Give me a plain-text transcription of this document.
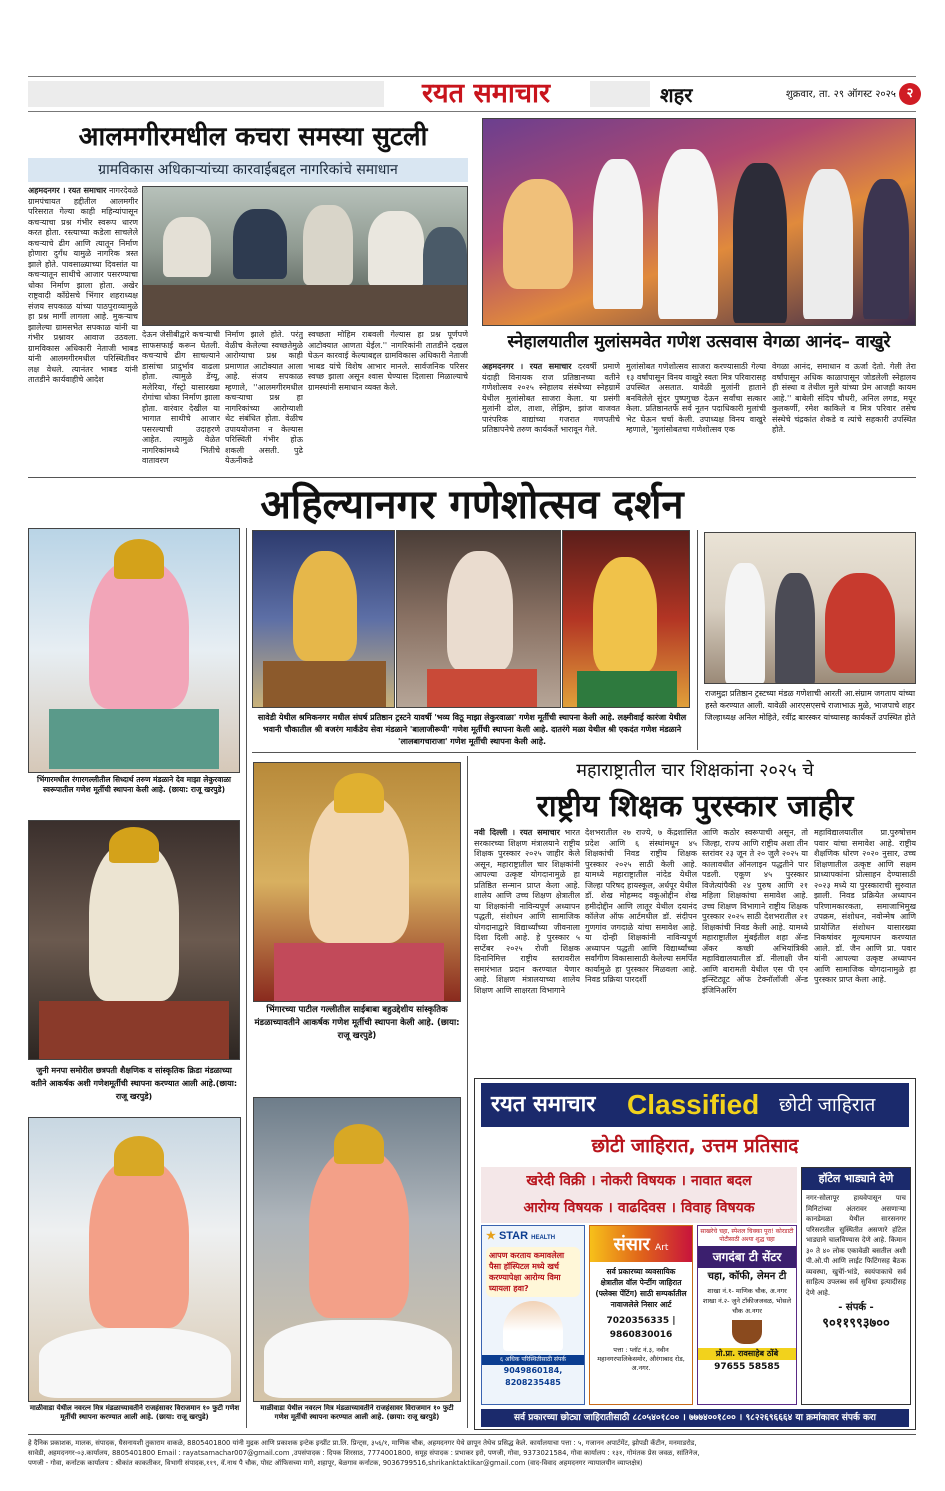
रयत समाचार	शहर	शुक्रवार, ता. २९ ऑगस्ट २०२५ २
आलमगीरमधील कचरा समस्या सुटली
ग्रामविकास अधिकाऱ्यांच्या कारवाईबद्दल नागरिकांचे समाधान
अहमदनगर । रयत समाचार नागरदेवळे ग्रामपंचायत हद्दीतील आलमगीर परिसरात गेल्या काही महिन्यांपासून कचऱ्याचा प्रश्न गंभीर स्वरूप धारण करत होता. रस्त्याच्या कडेला साचलेले कचऱ्याचे ढीग आणि त्यातून निर्माण होणारा दुर्गंध यामुळे नागरिक त्रस्त झाले होते. पावसाळ्याच्या दिवसांत या कचऱ्यातून साथीचे आजार पसरण्याचा धोका निर्माण झाला होता. अखेर राष्ट्रवादी काँग्रेसचे भिंगार शहराध्यक्ष संजय सपकाळ यांच्या पाठपुराव्यामुळे हा प्रश्न मार्गी लागला आहे. मुकऱ्याच झालेल्या ग्रामसभेत सपकाळ यांनी या गंभीर प्रश्नावर आवाज उठवला. ग्रामविकास अधिकारी नेताजी भाबड यांनी आलमगीरमधील परिस्थितीवर लक्ष वेधले. त्यानंतर भाबड यांनी तातडीने कार्यवाहीचे आदेश
देऊन जेसीबीद्वारे कचऱ्याची साफसफाई करून घेतली. कचऱ्याचे ढीग साचल्याने डासांचा प्रादुर्भाव वाढला होता. त्यामुळे डेंग्यू, मलेरिया, गॅस्ट्रो यासारख्या रोगांचा धोका निर्माण झाला होता. वारंवार देखील या भागात साथीचे आजार पसरल्याची उदाहरणे आहेत. त्यामुळे वेळेत नागरिकांमध्ये भितीचे वातावरण
निर्माण झाले होते. परंतु वेळीच केलेल्या स्वच्छतेमुळे आरोग्याचा प्रश्न काही प्रमाणात आटोक्यात आला आहे. संजय सपकाळ म्हणाले, ''आलमगीरमधील कचऱ्याचा प्रश्न हा नागरिकांच्या आरोग्याशी थेट संबंधित होता. वेळीच उपाययोजना न केल्यास परिस्थिती गंभीर होऊ शकली असती. पुढे येऊनीकडे
स्वच्छता मोहिम राबवली गेल्यास हा प्रश्न पूर्णपणे आटोक्यात आणता येईल.'' नागरिकांनी तातडीने दखल घेऊन कारवाई केल्याबद्दल ग्रामविकास अधिकारी नेताजी भाबड यांचे विशेष आभार मानले. सार्वजनिक परिसर स्वच्छ झाला असून श्वास घेण्यास दिलासा मिळाल्याचे ग्रामस्थांनी समाधान व्यक्त केले.
स्नेहालयातील मुलांसमवेत गणेश उत्सवास वेगळा आनंद– वाखुरे
अहमदनगर । रयत समाचार दरवर्षी प्रमाणे यंदाही विनायक राज प्रतिष्ठानच्या वतीने गणेशोत्सव २०२५ स्नेहालय संस्थेच्या स्नेहग्रामें येथील मुलांसोबत साजरा केला. या प्रसंगी मुलांनी ढोल, ताशा, लेझिम, झांज वाजवत पारंपरिक वाद्यांच्या गजरात गणपतीचे प्रतिष्ठापनेचे तरुण कार्यकर्ते भारावून गेले.
मुलांसोबत गणेशोत्सव साजरा करण्यासाठी गेल्या १३ वर्षांपासून विनय वाखुरे स्वतः मित्र परिवारासह उपस्थित असतात. यावेळी मुलांनी हाताने बनविलेले सुंदर पुष्पगुच्छ देऊन सर्वांचा सत्कार केला. प्रतिष्ठानतर्फे सर्व नूतन पदाधिकारी मुलांची भेट घेऊन चर्चा केली. उपाध्यक्ष विनय वाखुरे म्हणाले, 'मुलांसोबतचा गणेशोत्सव एक
वेगळा आनंद, समाधान व ऊर्जा देतो. गेली तेरा वर्षांपासून अधिक काळापासून जोडलेली स्नेहालय ही संस्था व तेथील मुले यांच्या प्रेम आजही कायम आहे.'' बाबेली संदिप चौधरी, अनिल लगड, मयूर कुलकर्णी, रमेश काकिले व मित्र परिवार तसेच संस्थेचे चंद्रकांत शेकडे व त्यांचे सहकारी उपस्थित होते.
अहिल्यानगर गणेशोत्सव दर्शन
भिंगारमधील रंगारगल्लीतील सिध्दार्थ तरुण मंडळाने देव माझा लेकुरवाळा स्वरूपातील गणेश मूर्तीची स्थापना केली आहे. (छाया: राजू खरपुडे)
सावेडी येथील श्रमिकनगर मधील संघर्ष प्रतिष्ठान ट्रस्टने यावर्षी 'भव्य विठू माझा लेकुरवाळा' गणेश मूर्तीची स्थापना केली आहे. लक्ष्मीवाई कारंजा येथील भवानी चौकातील श्री बजरंग मार्कंडेय सेवा मंडळाने 'बालाजीरूपी' गणेश मूर्तीची स्थापना केली आहे. दातरंगे मळा येथील श्री एकदंत गणेश मंडळाने 'लालबागचाराजा' गणेश मूर्तीची स्थापना केली आहे.
राजमुद्रा प्रतिष्ठान ट्रस्टच्या मंडळ गणेशाची आरती आ.संग्राम जगताप यांच्या हस्ते करण्यात आली. यावेळी आरएसएसचे राजाभाऊ मुळे, भाजपाचे शहर जिल्हाध्यक्ष अनिल मोहिते, रवींद्र बारस्कर यांच्यासह कार्यकर्ते उपस्थित होते
जुनी मनपा समोरील छत्रपती शैक्षणिक व सांस्कृतिक क्रिडा मंडळाच्या वतीने आकर्षक अशी गणेशमूर्तीची स्थापना करण्यात आली आहे.(छाया: राजू खरपुडे)
भिंगारच्या पाटील गल्लीतील साईबाबा बहुउद्देशीय सांस्कृतिक मंडळाच्यावतीने आकर्षक गणेश मूर्तीची स्थापना केली आहे. (छाया: राजू खरपुडे)
माळीवाडा येथील नवरत्न मित्र मंडळाच्यावतीने राजहंसावर विराजमान १० फुटी गणेश मूर्तीची स्थापना करण्यात आली आहे. (छाया: राजू खरपुडे)
माळीवाडा येथील नवरत्न मित्र मंडळाच्यावतीने राजहंसावर विराजमान १० फुटी गणेश मूर्तीची स्थापना करण्यात आली आहे. (छाया: राजू खरपुडे)
महाराष्ट्रातील चार शिक्षकांना २०२५ चे
राष्ट्रीय शिक्षक पुरस्कार जाहीर
नवी दिल्ली । रयत समाचार भारत सरकारच्या शिक्षण मंत्रालयाने राष्ट्रीय शिक्षक पुरस्कार २०२५ जाहीर केले असून, महाराष्ट्रातील चार शिक्षकांनी आपल्या उत्कृष्ट योगदानामुळे हा प्रतिष्ठित सन्मान प्राप्त केला आहे. शालेय आणि उच्च शिक्षण क्षेत्रातील या शिक्षकांनी नाविन्यपूर्ण अध्यापन पद्धती, संशोधन आणि सामाजिक योगदानाद्वारे विद्यार्थ्यांच्या जीवनाला दिशा दिली आहे. हे पुरस्कार ५ सप्टेंबर २०२५ रोजी शिक्षक दिनानिमित्त राष्ट्रीय स्तरावरील समारंभात प्रदान करण्यात येणार आहे. शिक्षण मंत्रालयाच्या शालेय शिक्षण आणि साक्षरता विभागाने
देशभरातील २७ राज्ये, ७ केंद्रशासित प्रदेश आणि ६ संस्थांमधून ४५ शिक्षकांची निवड राष्ट्रीय शिक्षक पुरस्कार २०२५ साठी केली आहे. यामध्ये महाराष्ट्रातील नांदेड येथील जिल्हा परिषद हायस्कूल, अर्धपूर येथील डॉ. शेख मोहम्मद वकूओद्दीन शेख हमीदोद्दीन आणि लातूर येथील दयानंद कॉलेज ऑफ आर्टमधील डॉ. संदीपन गुणगांव जगदाळे यांचा समावेश आहे. या दोन्ही शिक्षकांनी नाविन्यपूर्ण अध्यापन पद्धती आणि विद्यार्थ्यांच्या सर्वांगीण विकासासाठी केलेल्या समर्पित कार्यामुळे हा पुरस्कार मिळवला आहे. निवड प्रक्रिया पारदर्शी
आणि कठोर स्वरूपाची असून, तो जिल्हा, राज्य आणि राष्ट्रीय अशा तीन स्तरांवर २३ जून ते २० जुलै २०२५ या कालावधीत ऑनलाइन पद्धतीने पार पडली. एकूण ४५ पुरस्कार विजेत्यांपैकी २४ पुरुष आणि २१ महिला शिक्षकांचा समावेश आहे. उच्च शिक्षण विभागाने राष्ट्रीय शिक्षक पुरस्कार २०२५ साठी देशभरातील २१ शिक्षकांची निवड केली आहे. यामध्ये महाराष्ट्रातील मुंबईतील शहा ॲन्ड अँकर कच्छी अभियांत्रिकी महाविद्यालयातील डॉ. नीलाक्षी जैन आणि बारामती येथील एस पी एन इन्स्टिट्यूट ऑफ टेक्नॉलॉजी ॲन्ड इंजिनिअरिंग
महाविद्यालयातील प्रा.पुरुषोत्तम पवार यांचा समावेश आहे. राष्ट्रीय शैक्षणिक धोरण २०२० नुसार, उच्च शिक्षणातील उत्कृष्ट आणि सक्षम प्राध्यापकांना प्रोत्साहन देण्यासाठी २०२३ मध्ये या पुरस्काराची सुरुवात झाली. निवड प्रक्रियेत अध्यापन परिणामकारकता, समाजाभिमुख उपक्रम, संशोधन, नवोन्मेष आणि प्रायोजित संशोधन यासारख्या निकषांवर मूल्यमापन करण्यात आले. डॉ. जैन आणि प्रा. पवार यांनी आपल्या उत्कृष्ट अध्यापन आणि सामाजिक योगदानामुळे हा पुरस्कार प्राप्त केला आहे.
रयत समाचार Classified छोटी जाहिरात
छोटी जाहिरात, उत्तम प्रतिसाद
खरेदी विक्री । नोकरी विषयक । नावात बदल
आरोग्य विषयक । वाढदिवस । विवाह विषयक
★ STAR HEALTH
आपण करताय कमावलेला पैसा हॉस्पिटल मध्ये खर्च करण्यापेक्षा आरोग्य विमा घ्यायला हवा?
६ अधिक परिस्थितीसाठी संपर्क
9049860184, 8208235485
संसार Art
सर्व प्रकारच्या व्यवसायिक क्षेत्रातील वॉल पेन्टींग जाहिरात (फ्लेक्स पेंटिंग) साठी सम्पर्कातील नावाजलेले निसार आर्ट
7020356335 | 9860830016
पत्ता : प्लॉट नं.३, नवीन महानगरपालिकेसमोर, औरंगाबाद रोड, अ.नगर.
साखरेचे चहा, स्पेशल चिक्का पूरा! कोरडाटी पोटीसाठी अश्या शुद्ध चहा
जगदंबा टी सेंटर
चहा, कॉफी, लेमन टी
शाखा नं.१- माणिक चौक, अ.नगर
शाखा नं.२- जुने टॉकीजजवळ, भोसले चौक अ.नगर
प्रो.प्रा. रावसाहेब ठोंबे
97655 58585
हॉटेल भाड्याने देणे
नगर-सोलापूर हायवेपासून पाच मिनिटांच्या अंतरावर असणाऱ्या कानडेमळा येथील सारसनगर परिसरातील सुस्थितीत असणारे हॉटेल भाड्याने चालविण्यास देणे आहे. किमान ३० ते ४० लोक एकावेळी बसतील अशी पी.ओ.पी आणि लाईट फिटिंगसह बैठक व्यवस्था, खुर्चेा-भांडे, स्वयंपाकाचे सर्व साहित्य उपलब्ध सर्व सुविधा इत्यादीसह देणे आहे.
- संपर्क -
९०११९९३७००
सर्व प्रकारच्या छोट्या जाहिरातीसाठी ८८०५४०१८०० । ७७७४००१८०० । ९८२२६९६६६४ या क्रमांकावर संपर्क करा
हे दैनिक प्रकाशक, मालक, संपादक, घैसनायशी तुकाराम वाकळे, 8805401800 यांनी मुद्रक आणि प्रकाशक इन्टेक इन्प्रींट प्रा.लि. प्रिन्ट्स, ३५६/१, माणिक चौक, अहमदनगर येथे छापून तेथेच प्रसिद्ध केले. कार्यालयाचा पत्ता : ५, गजानन अपार्टमेंट, झोपडी कँटीन, मनमाडरोड,
सावेडी, अहमदनगर-०३.कार्यालय, 8805401800 Email : rayatsamachar007@gmail.com ,उपसंपादक : दिपक शिरसाठ, 7774001800, समूह संपादक : प्रभाकर इरो, पणजी, गोवा, 9373021584, गोवा कार्यालय : १३१, गोमंतक प्रेस जवळ, सांतिनेज,
पणजी - गोवा, कर्नाटक कार्यालय : श्रीकांत काकतीकर, विभागी संपादक,११९, वॅ.नाथ पै चौक, पोस्ट ऑफिसच्या मागे, शहापूर, बेळगाव कर्नाटक, 9036799516,shrikanktaktikar@gmail.com (वाद-विवाद अहमदनगर न्यायालयीन व्याप्तक्षेत्र)
